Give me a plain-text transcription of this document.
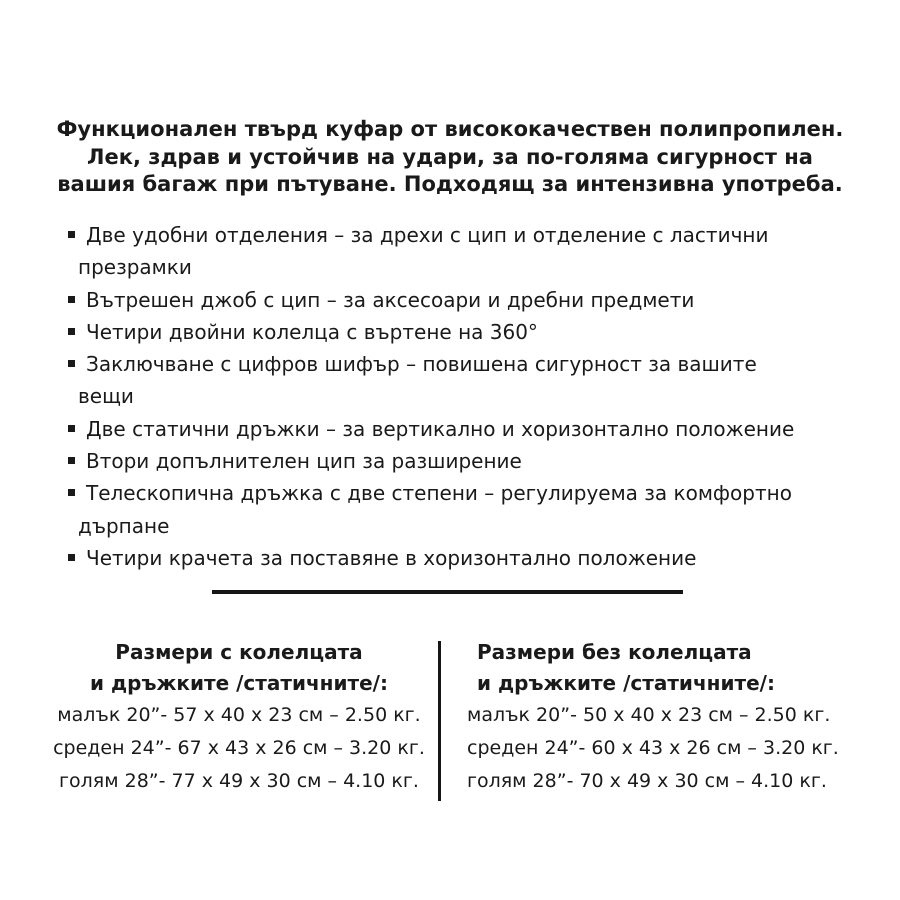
Функционален твърд куфар от висококачествен полипропилен.
Лек, здрав и устойчив на удари, за по-голяма сигурност на
вашия багаж при пътуване. Подходящ за интензивна употреба.
Две удобни отделения – за дрехи с цип и отделение с ластични презрамки
Вътрешен джоб с цип – за аксесоари и дребни предмети
Четири двойни колелца с въртене на 360°
Заключване с цифров шифър – повишена сигурност за вашите вещи
Две статични дръжки – за вертикално и хоризонтално положение
Втори допълнителен цип за разширение
Телескопична дръжка с две степени – регулируема за комфортно дърпане
Четири крачета за поставяне в хоризонтално положение
Размери с колелцата
и дръжките /статичните/:
малък 20”- 57 x 40 x 23 см – 2.50 кг.
среден 24”- 67 x 43 x 26 см – 3.20 кг.
голям 28”- 77 x 49 x 30 см – 4.10 кг.
Размери без колелцата
и дръжките /статичните/:
малък 20”- 50 x 40 x 23 см – 2.50 кг.
среден 24”- 60 x 43 x 26 см – 3.20 кг.
голям 28”- 70 x 49 x 30 см – 4.10 кг.
